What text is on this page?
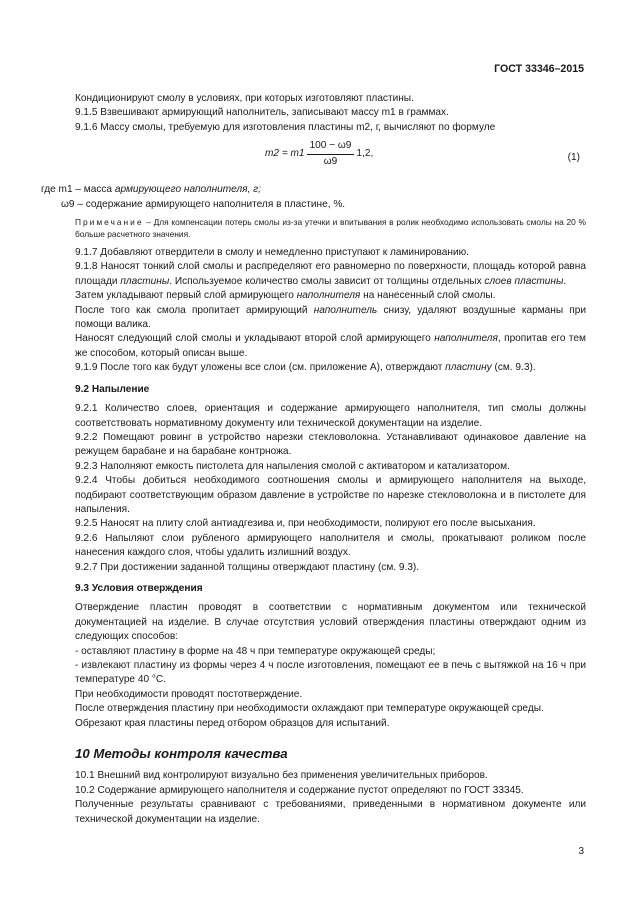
ГОСТ 33346–2015

Кондиционируют смолу в условиях, при которых изготовляют пластины.

9.1.5 Взвешивают армирующий наполнитель, записывают массу m1 в граммах.

9.1.6 Массу смолы, требуемую для изготовления пластины m2, г, вычисляют по формуле

$m2 = m1 \frac{100 - \omega 9}{\omega 9} 1,2$,	(1)

где m1 – масса армирующего наполнителя, г;

ω9 – содержание армирующего наполнителя в пластине, %.

Примечание – Для компенсации потерь смолы из-за утечки и впитывания в ролик необходимо использовать смолы на 20 % больше расчетного значения.

9.1.7 Добавляют отвердители в смолу и немедленно приступают к ламинированию.

9.1.8 Наносят тонкий слой смолы и распределяют его равномерно по поверхности, площадь которой равна площади пластины. Используемое количество смолы зависит от толщины отдельных слоев пластины.

Затем укладывают первый слой армирующего наполнителя на нанесенный слой смолы.

После того как смола пропитает армирующий наполнитель снизу, удаляют воздушные карманы при помощи валика.

Наносят следующий слой смолы и укладывают второй слой армирующего наполнителя, пропитав его тем же способом, который описан выше.

9.1.9 После того как будут уложены все слои (см. приложение А), отверждают пластину (см. 9.3).

9.2 Напыление

9.2.1 Количество слоев, ориентация и содержание армирующего наполнителя, тип смолы должны соответствовать нормативному документу или технической документации на изделие.

9.2.2 Помещают ровинг в устройство нарезки стекловолокна. Устанавливают одинаковое давление на режущем барабане и на барабане контрножа.

9.2.3 Наполняют емкость пистолета для напыления смолой с активатором и катализатором.

9.2.4 Чтобы добиться необходимого соотношения смолы и армирующего наполнителя на выходе, подбирают соответствующим образом давление в устройстве по нарезке стекловолокна и в пистолете для напыления.

9.2.5 Наносят на плиту слой антиадгезива и, при необходимости, полируют его после высыхания.

9.2.6 Напыляют слои рубленого армирующего наполнителя и смолы, прокатывают роликом после нанесения каждого слоя, чтобы удалить излишний воздух.

9.2.7 При достижении заданной толщины отверждают пластину (см. 9.3).

9.3 Условия отверждения

Отверждение пластин проводят в соответствии с нормативным документом или технической документацией на изделие. В случае отсутствия условий отверждения пластины отверждают одним из следующих способов:

- оставляют пластину в форме на 48 ч при температуре окружающей среды;

- извлекают пластину из формы через 4 ч после изготовления, помещают ее в печь с вытяжкой на 16 ч при температуре 40 °С.

При необходимости проводят постотверждение.

После отверждения пластину при необходимости охлаждают при температуре окружающей среды.

Обрезают края пластины перед отбором образцов для испытаний.

10 Методы контроля качества

10.1 Внешний вид контролируют визуально без применения увеличительных приборов.

10.2 Содержание армирующего наполнителя и содержание пустот определяют по ГОСТ 33345.

Полученные результаты сравнивают с требованиями, приведенными в нормативном документе или технической документации на изделие.

3
